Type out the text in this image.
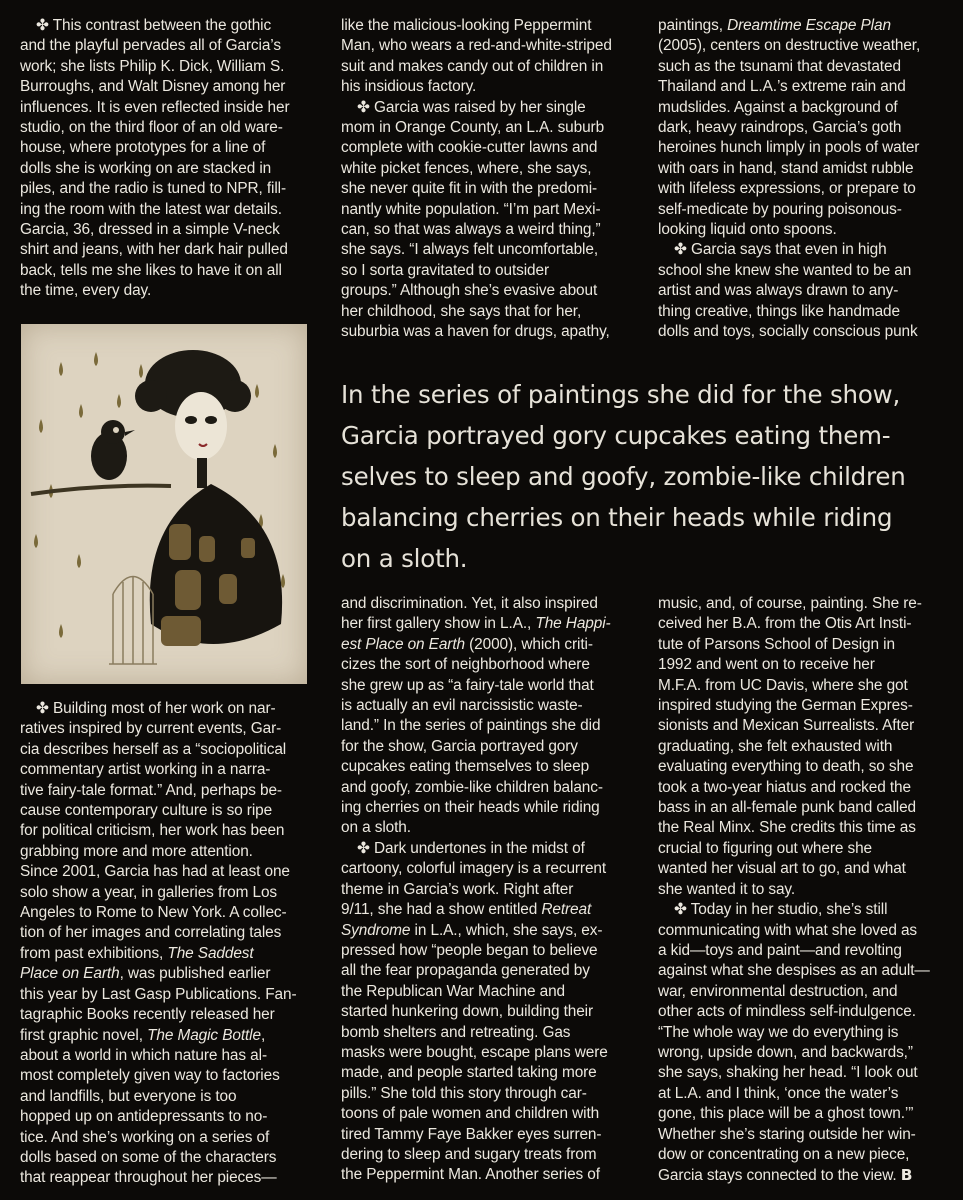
✤ This contrast between the gothic
and the playful pervades all of Garcia’s
work; she lists Philip K. Dick, William S.
Burroughs, and Walt Disney among her
influences. It is even reflected inside her
studio, on the third floor of an old ware-
house, where prototypes for a line of
dolls she is working on are stacked in
piles, and the radio is tuned to NPR, fill-
ing the room with the latest war details.
Garcia, 36, dressed in a simple V-neck
shirt and jeans, with her dark hair pulled
back, tells me she likes to have it on all
the time, every day.

like the malicious-looking Peppermint
Man, who wears a red-and-white-striped
suit and makes candy out of children in
his insidious factory.

✤ Garcia was raised by her single
mom in Orange County, an L.A. suburb
complete with cookie-cutter lawns and
white picket fences, where, she says,
she never quite fit in with the predomi-
nantly white population. “I’m part Mexi-
can, so that was always a weird thing,”
she says. “I always felt uncomfortable,
so I sorta gravitated to outsider
groups.” Although she’s evasive about
her childhood, she says that for her,
suburbia was a haven for drugs, apathy,

paintings, Dreamtime Escape Plan
(2005), centers on destructive weather,
such as the tsunami that devastated
Thailand and L.A.’s extreme rain and
mudslides. Against a background of
dark, heavy raindrops, Garcia’s goth
heroines hunch limply in pools of water
with oars in hand, stand amidst rubble
with lifeless expressions, or prepare to
self-medicate by pouring poisonous-
looking liquid onto spoons.

✤ Garcia says that even in high
school she knew she wanted to be an
artist and was always drawn to any-
thing creative, things like handmade
dolls and toys, socially conscious punk

In the series of paintings she did for the show,
Garcia portrayed gory cupcakes eating them-
selves to sleep and goofy, zombie-like children
balancing cherries on their heads while riding
on a sloth.

✤ Building most of her work on nar-
ratives inspired by current events, Gar-
cia describes herself as a “sociopolitical
commentary artist working in a narra-
tive fairy-tale format.” And, perhaps be-
cause contemporary culture is so ripe
for political criticism, her work has been
grabbing more and more attention.
Since 2001, Garcia has had at least one
solo show a year, in galleries from Los
Angeles to Rome to New York. A collec-
tion of her images and correlating tales
from past exhibitions, The Saddest
Place on Earth, was published earlier
this year by Last Gasp Publications. Fan-
tagraphic Books recently released her
first graphic novel, The Magic Bottle,
about a world in which nature has al-
most completely given way to factories
and landfills, but everyone is too
hopped up on antidepressants to no-
tice. And she’s working on a series of
dolls based on some of the characters
that reappear throughout her pieces—

and discrimination. Yet, it also inspired
her first gallery show in L.A., The Happi-
est Place on Earth (2000), which criti-
cizes the sort of neighborhood where
she grew up as “a fairy-tale world that
is actually an evil narcissistic waste-
land.” In the series of paintings she did
for the show, Garcia portrayed gory
cupcakes eating themselves to sleep
and goofy, zombie-like children balanc-
ing cherries on their heads while riding
on a sloth.

✤ Dark undertones in the midst of
cartoony, colorful imagery is a recurrent
theme in Garcia’s work. Right after
9/11, she had a show entitled Retreat
Syndrome in L.A., which, she says, ex-
pressed how “people began to believe
all the fear propaganda generated by
the Republican War Machine and
started hunkering down, building their
bomb shelters and retreating. Gas
masks were bought, escape plans were
made, and people started taking more
pills.” She told this story through car-
toons of pale women and children with
tired Tammy Faye Bakker eyes surren-
dering to sleep and sugary treats from
the Peppermint Man. Another series of

music, and, of course, painting. She re-
ceived her B.A. from the Otis Art Insti-
tute of Parsons School of Design in
1992 and went on to receive her
M.F.A. from UC Davis, where she got
inspired studying the German Expres-
sionists and Mexican Surrealists. After
graduating, she felt exhausted with
evaluating everything to death, so she
took a two-year hiatus and rocked the
bass in an all-female punk band called
the Real Minx. She credits this time as
crucial to figuring out where she
wanted her visual art to go, and what
she wanted it to say.

✤ Today in her studio, she’s still
communicating with what she loved as
a kid—toys and paint—and revolting
against what she despises as an adult—
war, environmental destruction, and
other acts of mindless self-indulgence.
“The whole way we do everything is
wrong, upside down, and backwards,”
she says, shaking her head. “I look out
at L.A. and I think, ‘once the water’s
gone, this place will be a ghost town.’”
Whether she’s staring outside her win-
dow or concentrating on a new piece,
Garcia stays connected to the view. B
